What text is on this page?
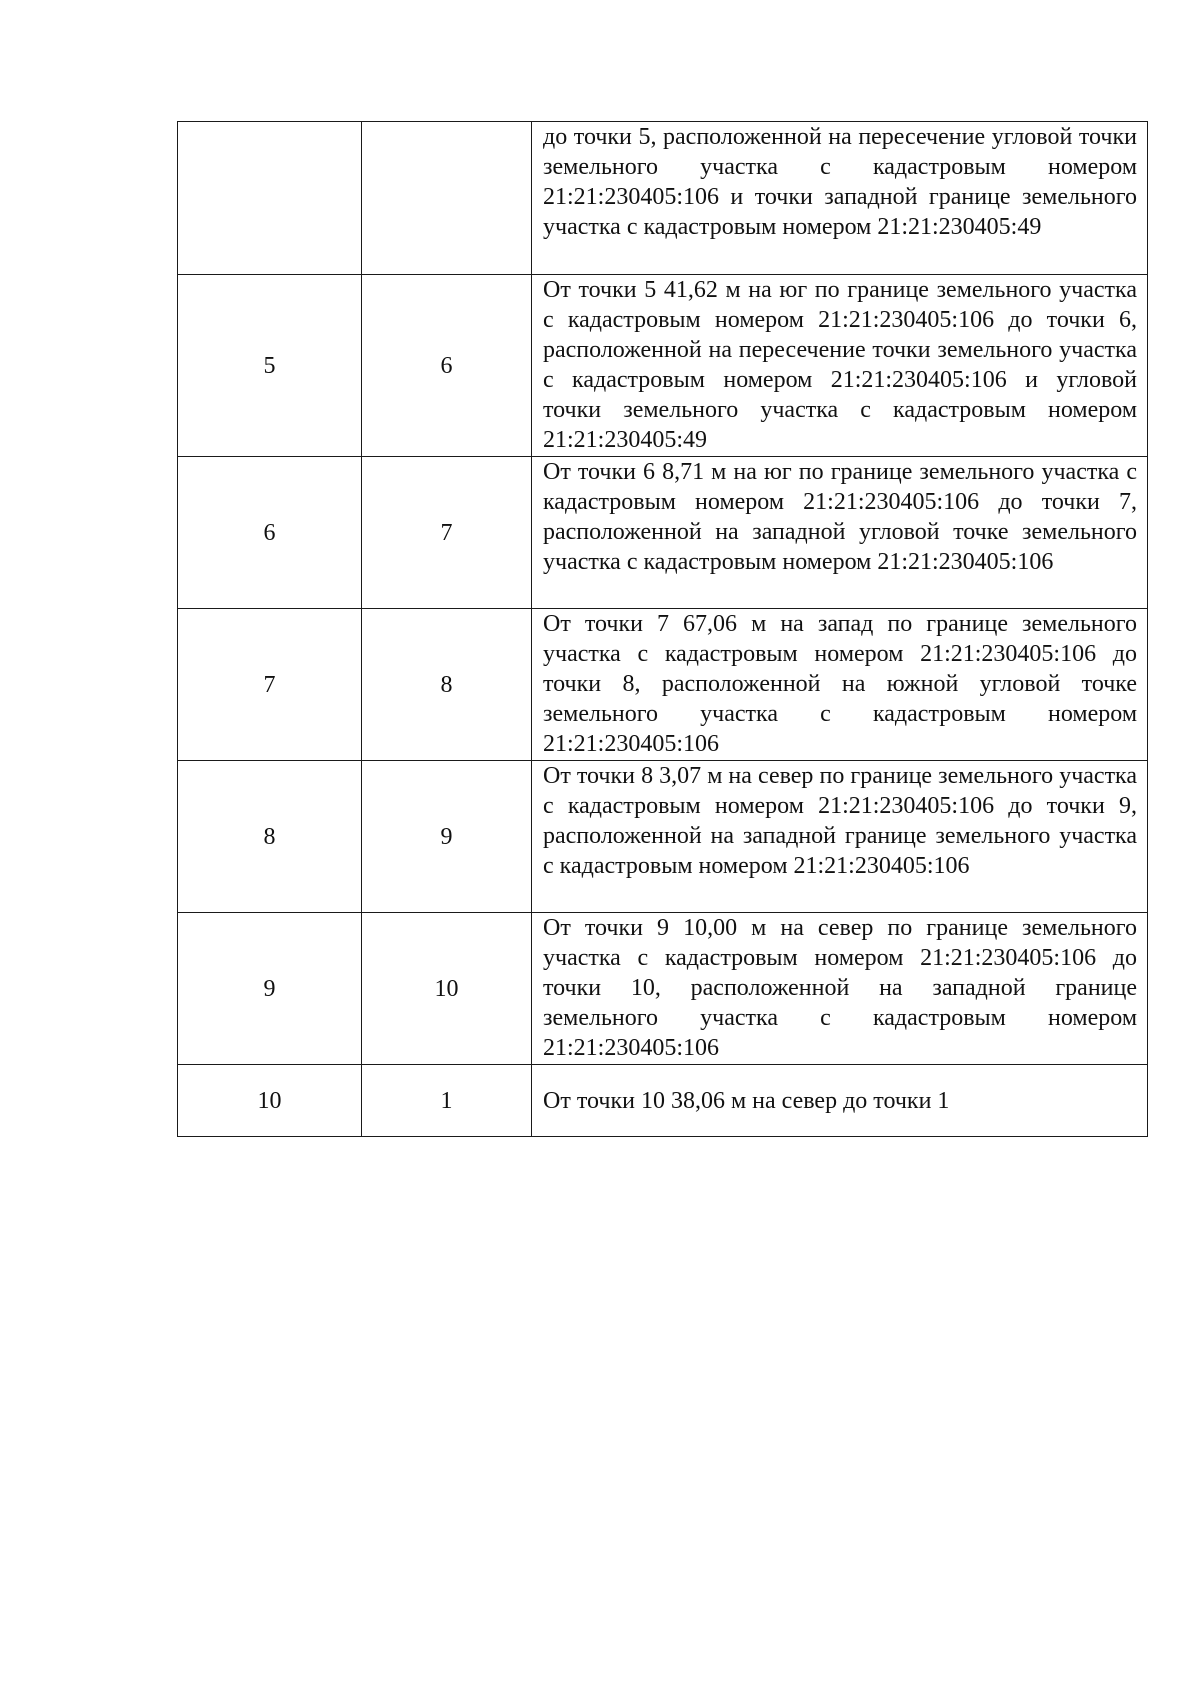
		до точки 5, расположенной на пересечение угловой точки земельного участка с кадастровым номером 21:21:230405:106 и точки западной границе земельного участка с кадастровым номером 21:21:230405:49
5	6	От точки 5 41,62 м на юг по границе земельного участка с кадастровым номером 21:21:230405:106 до точки 6, расположенной на пересечение точки земельного участка с кадастровым номером 21:21:230405:106 и угловой точки земельного участка с кадастровым номером 21:21:230405:49
6	7	От точки 6 8,71 м на юг по границе земельного участка с кадастровым номером 21:21:230405:106 до точки 7, расположенной на западной угловой точке земельного участка с кадастровым номером 21:21:230405:106
7	8	От точки 7 67,06 м на запад по границе земельного участка с кадастровым номером 21:21:230405:106 до точки 8, расположенной на южной угловой точке земельного участка с кадастровым номером 21:21:230405:106
8	9	От точки 8 3,07 м на север по границе земельного участка с кадастровым номером 21:21:230405:106 до точки 9, расположенной на западной границе земельного участка с кадастровым номером 21:21:230405:106
9	10	От точки 9 10,00 м на север по границе земельного участка с кадастровым номером 21:21:230405:106 до точки 10, расположенной на западной границе земельного участка с кадастровым номером 21:21:230405:106
10	1	От точки 10 38,06 м на север до точки 1
